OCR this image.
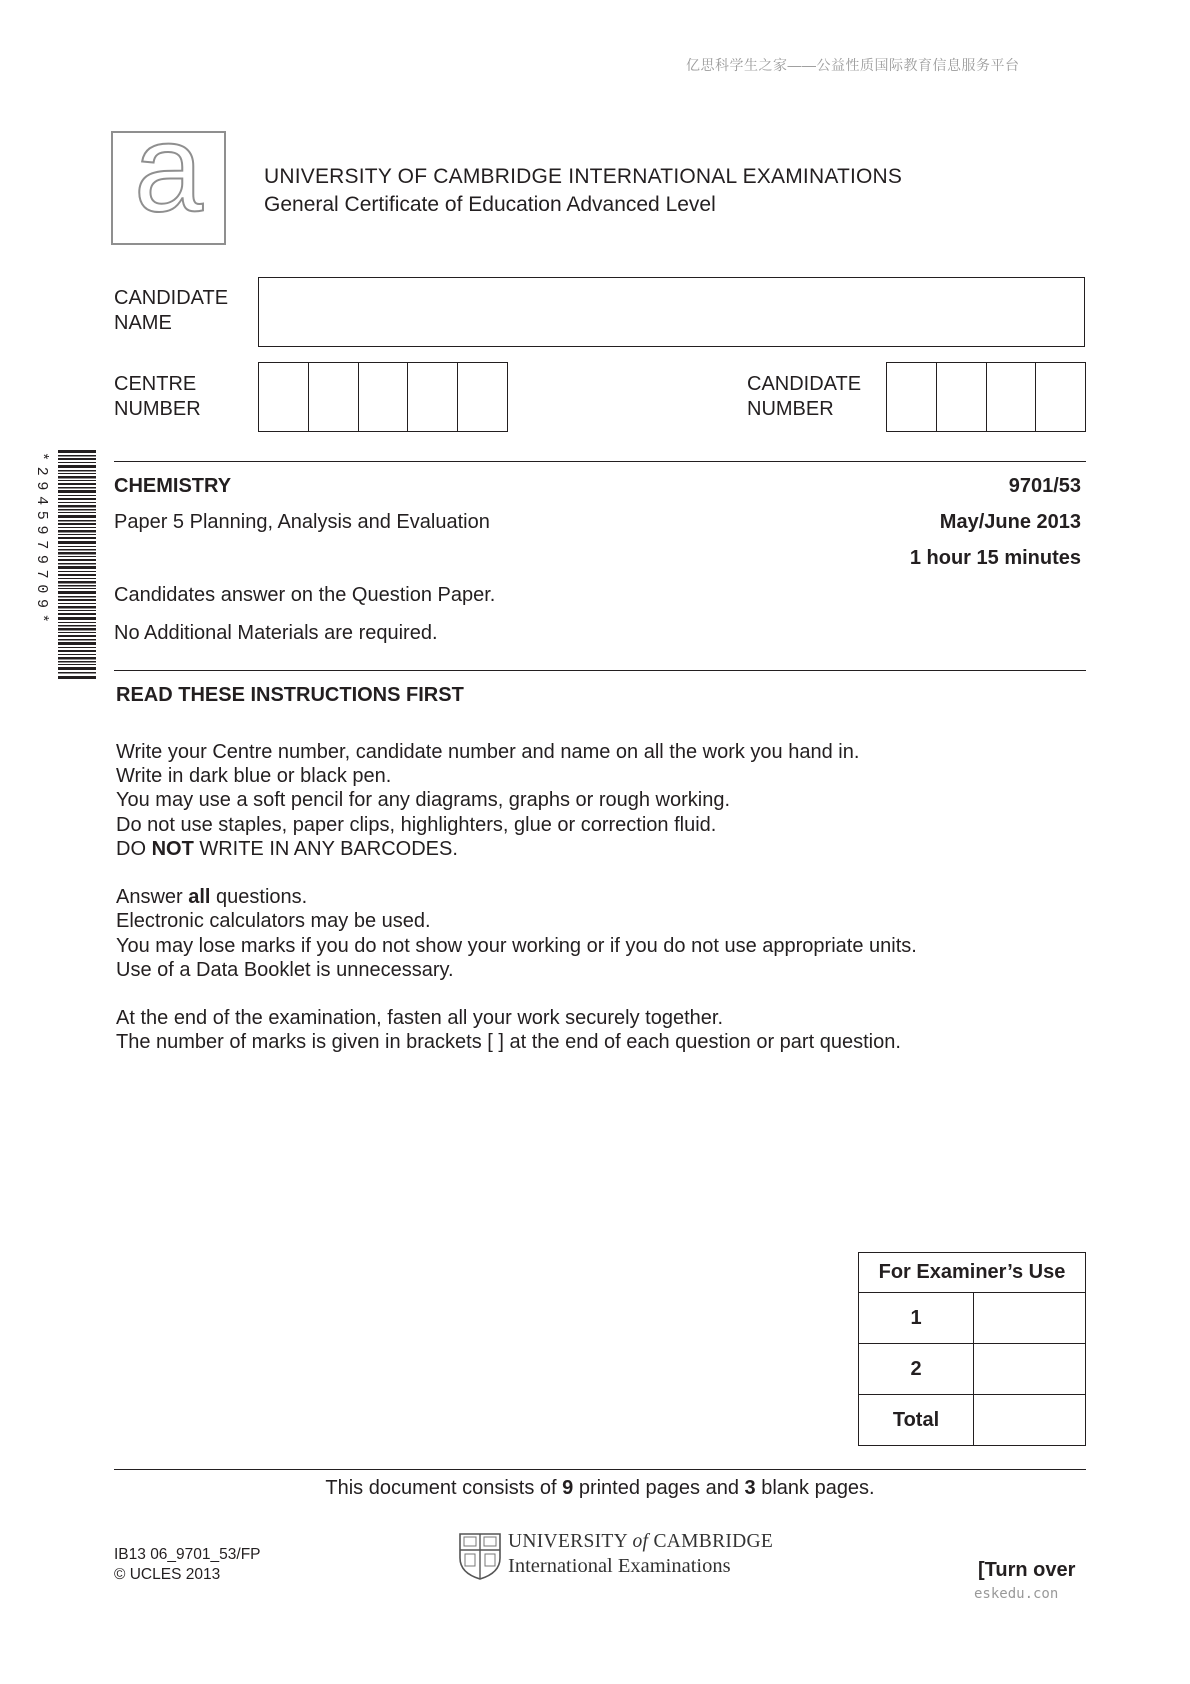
亿思科学生之家——公益性质国际教育信息服务平台
a	UNIVERSITY OF CAMBRIDGE INTERNATIONAL EXAMINATIONS
General Certificate of Education Advanced Level
CANDIDATE
NAME
CENTRE
NUMBER
CANDIDATE
NUMBER
*2945979709*	CHEMISTRY	9701/53
Paper 5 Planning, Analysis and Evaluation	May/June 2013
1 hour 15 minutes
Candidates answer on the Question Paper.
No Additional Materials are required.
READ THESE INSTRUCTIONS FIRST

Write your Centre number, candidate number and name on all the work you hand in.

Write in dark blue or black pen.

You may use a soft pencil for any diagrams, graphs or rough working.

Do not use staples, paper clips, highlighters, glue or correction fluid.

DO NOT WRITE IN ANY BARCODES.

Answer all questions.

Electronic calculators may be used.

You may lose marks if you do not show your working or if you do not use appropriate units.

Use of a Data Booklet is unnecessary.

At the end of the examination, fasten all your work securely together.

The number of marks is given in brackets [ ] at the end of each question or part question.

For Examiner’s Use	
1	
2	
Total	
This document consists of 9 printed pages and 3 blank pages.
IB13 06_9701_53/FP
© UCLES 2013
UNIVERSITY of CAMBRIDGE
International Examinations	[Turn over
eskedu.con
